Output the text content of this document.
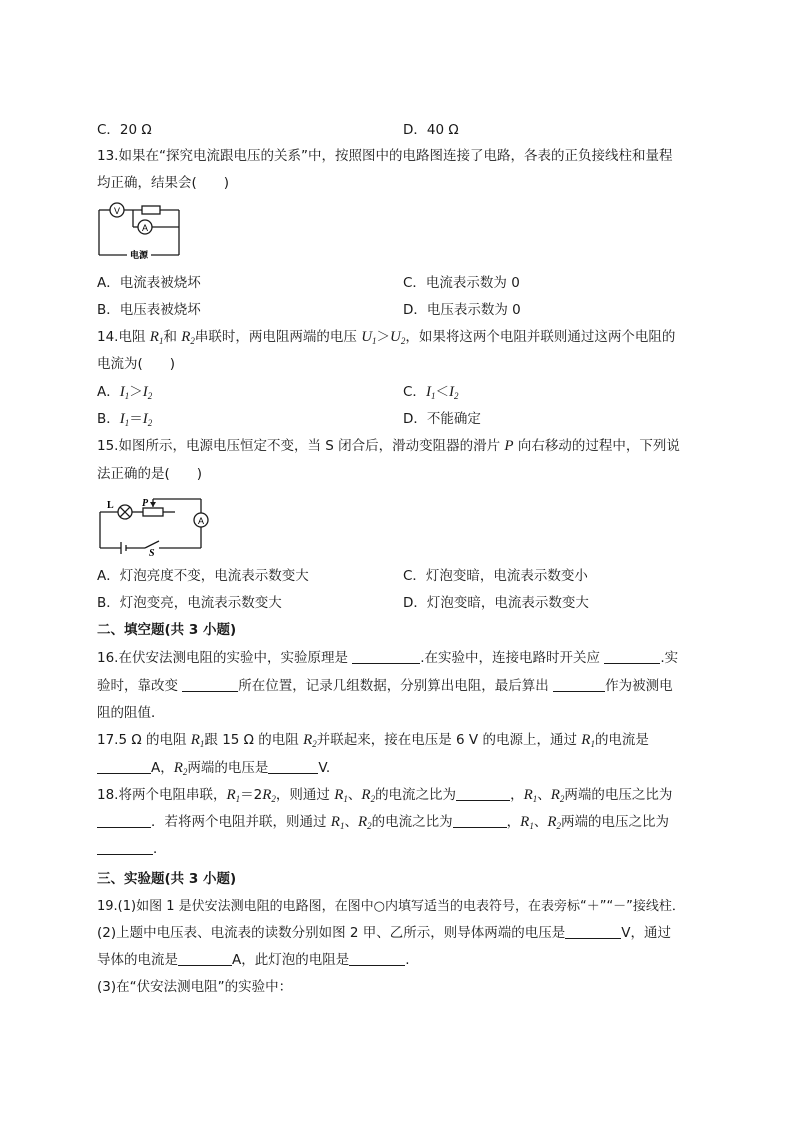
C．20 Ω	D．40 Ω
13.如果在“探究电流跟电压的关系”中，按照图中的电路图连接了电路，各表的正负接线柱和量程
均正确，结果会(　　)
V
A
电源
A．电流表被烧坏	C．电流表示数为 0
B．电压表被烧坏	D．电压表示数为 0
14.电阻 $R_1$和 $R_2$串联时，两电阻两端的电压 $U_1>U_2$，如果将这两个电阻并联则通过这两个电阻的
电流为(　　)
A．$I_1>I_2$	C．$I_1<I_2$
B．$I_1=I_2$	D．不能确定
15.如图所示，电源电压恒定不变，当 S 闭合后，滑动变阻器的滑片 P 向右移动的过程中，下列说
法正确的是(　　)
L	P
A
S
A．灯泡亮度不变，电流表示数变大	C．灯泡变暗，电流表示数变小
B．灯泡变亮，电流表示数变大	D．灯泡变暗，电流表示数变大
二、填空题(共 3 小题)
16.在伏安法测电阻的实验中，实验原理是	.在实验中，连接电路时开关应	.实
验时，靠改变	所在位置，记录几组数据，分别算出电阻，最后算出	作为被测电
阻的阻值．
17.5 Ω 的电阻 $R_1$跟 15 Ω 的电阻 $R_2$并联起来，接在电压是 6 V 的电源上，通过 $R_1$的电流是
A，$R_2$两端的电压是	V.
18.将两个电阻串联，$R_1=2R_2$，则通过 $R_1$、$R_2$的电流之比为	，$R_1$、$R_2$两端的电压之比为
．若将两个电阻并联，则通过 $R_1$、$R_2$的电流之比为	，$R_1$、$R_2$两端的电压之比为
．
三、实验题(共 3 小题)
19.(1)如图 1 是伏安法测电阻的电路图，在图中○内填写适当的电表符号，在表旁标“＋”“－”接线柱．
(2)上题中电压表、电流表的读数分别如图 2 甲、乙所示，则导体两端的电压是	V，通过
导体的电流是	A，此灯泡的电阻是	.
(3)在“伏安法测电阻”的实验中：
